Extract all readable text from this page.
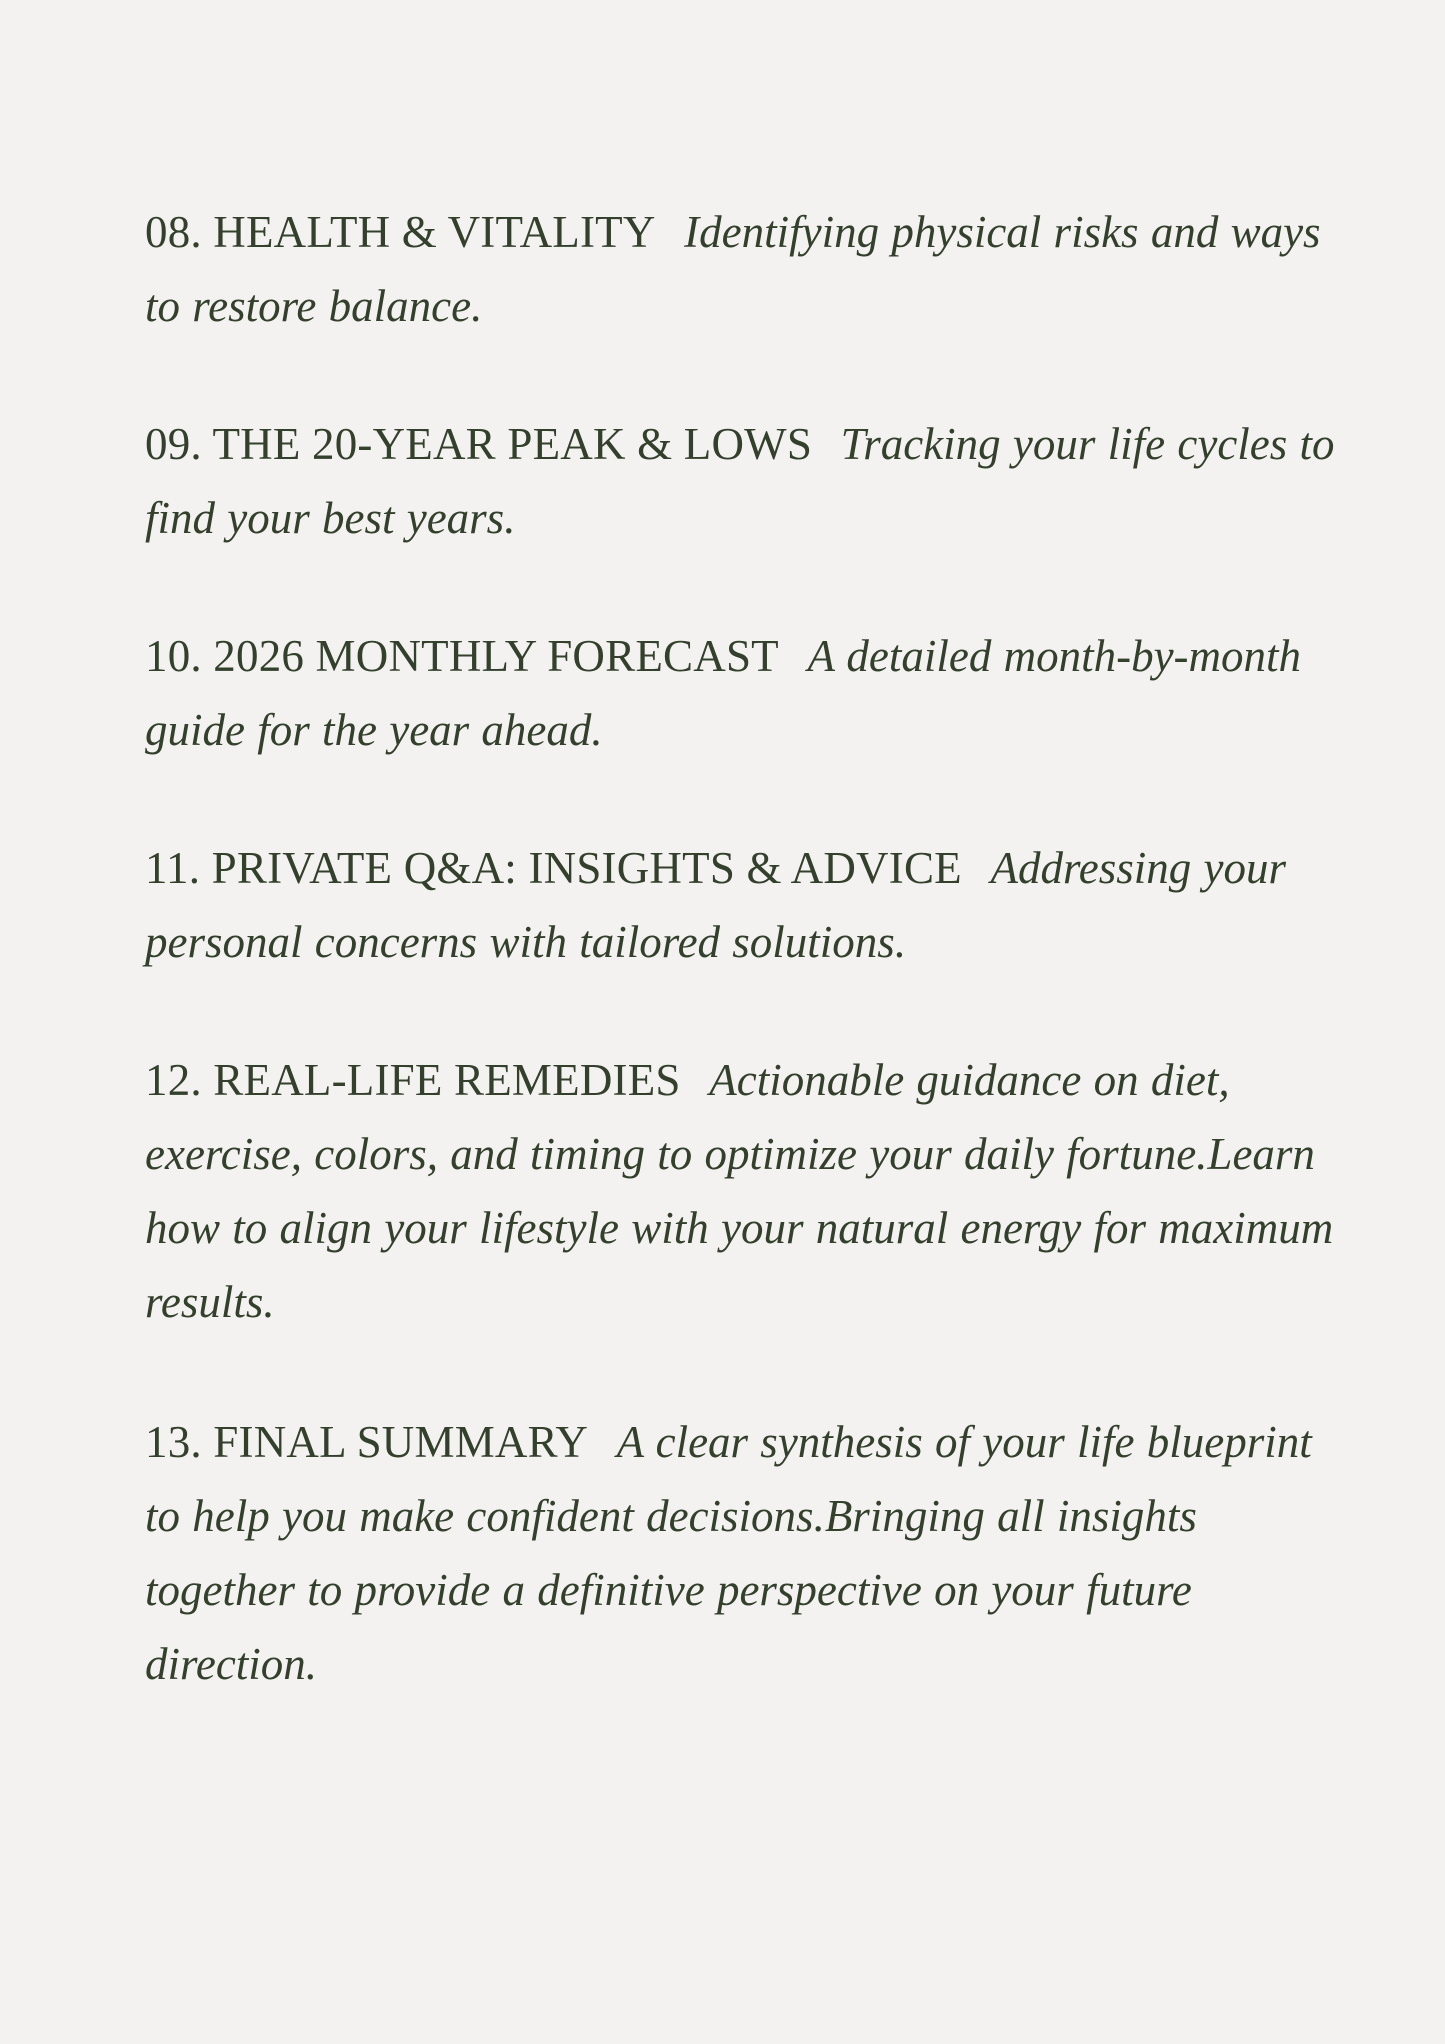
08. HEALTH & VITALITY Identifying physical risks and ways to restore balance.

09. THE 20-YEAR PEAK & LOWS Tracking your life cycles to find your best years.

10. 2026 MONTHLY FORECAST A detailed month-by-month guide for the year ahead.

11. PRIVATE Q&A: INSIGHTS & ADVICE Addressing your personal concerns with tailored solutions.

12. REAL-LIFE REMEDIES Actionable guidance on diet, exercise, colors, and timing to optimize your daily fortune.Learn how to align your lifestyle with your natural energy for maximum results.

13. FINAL SUMMARY A clear synthesis of your life blueprint to help you make confident decisions.Bringing all insights together to provide a definitive perspective on your future direction.
